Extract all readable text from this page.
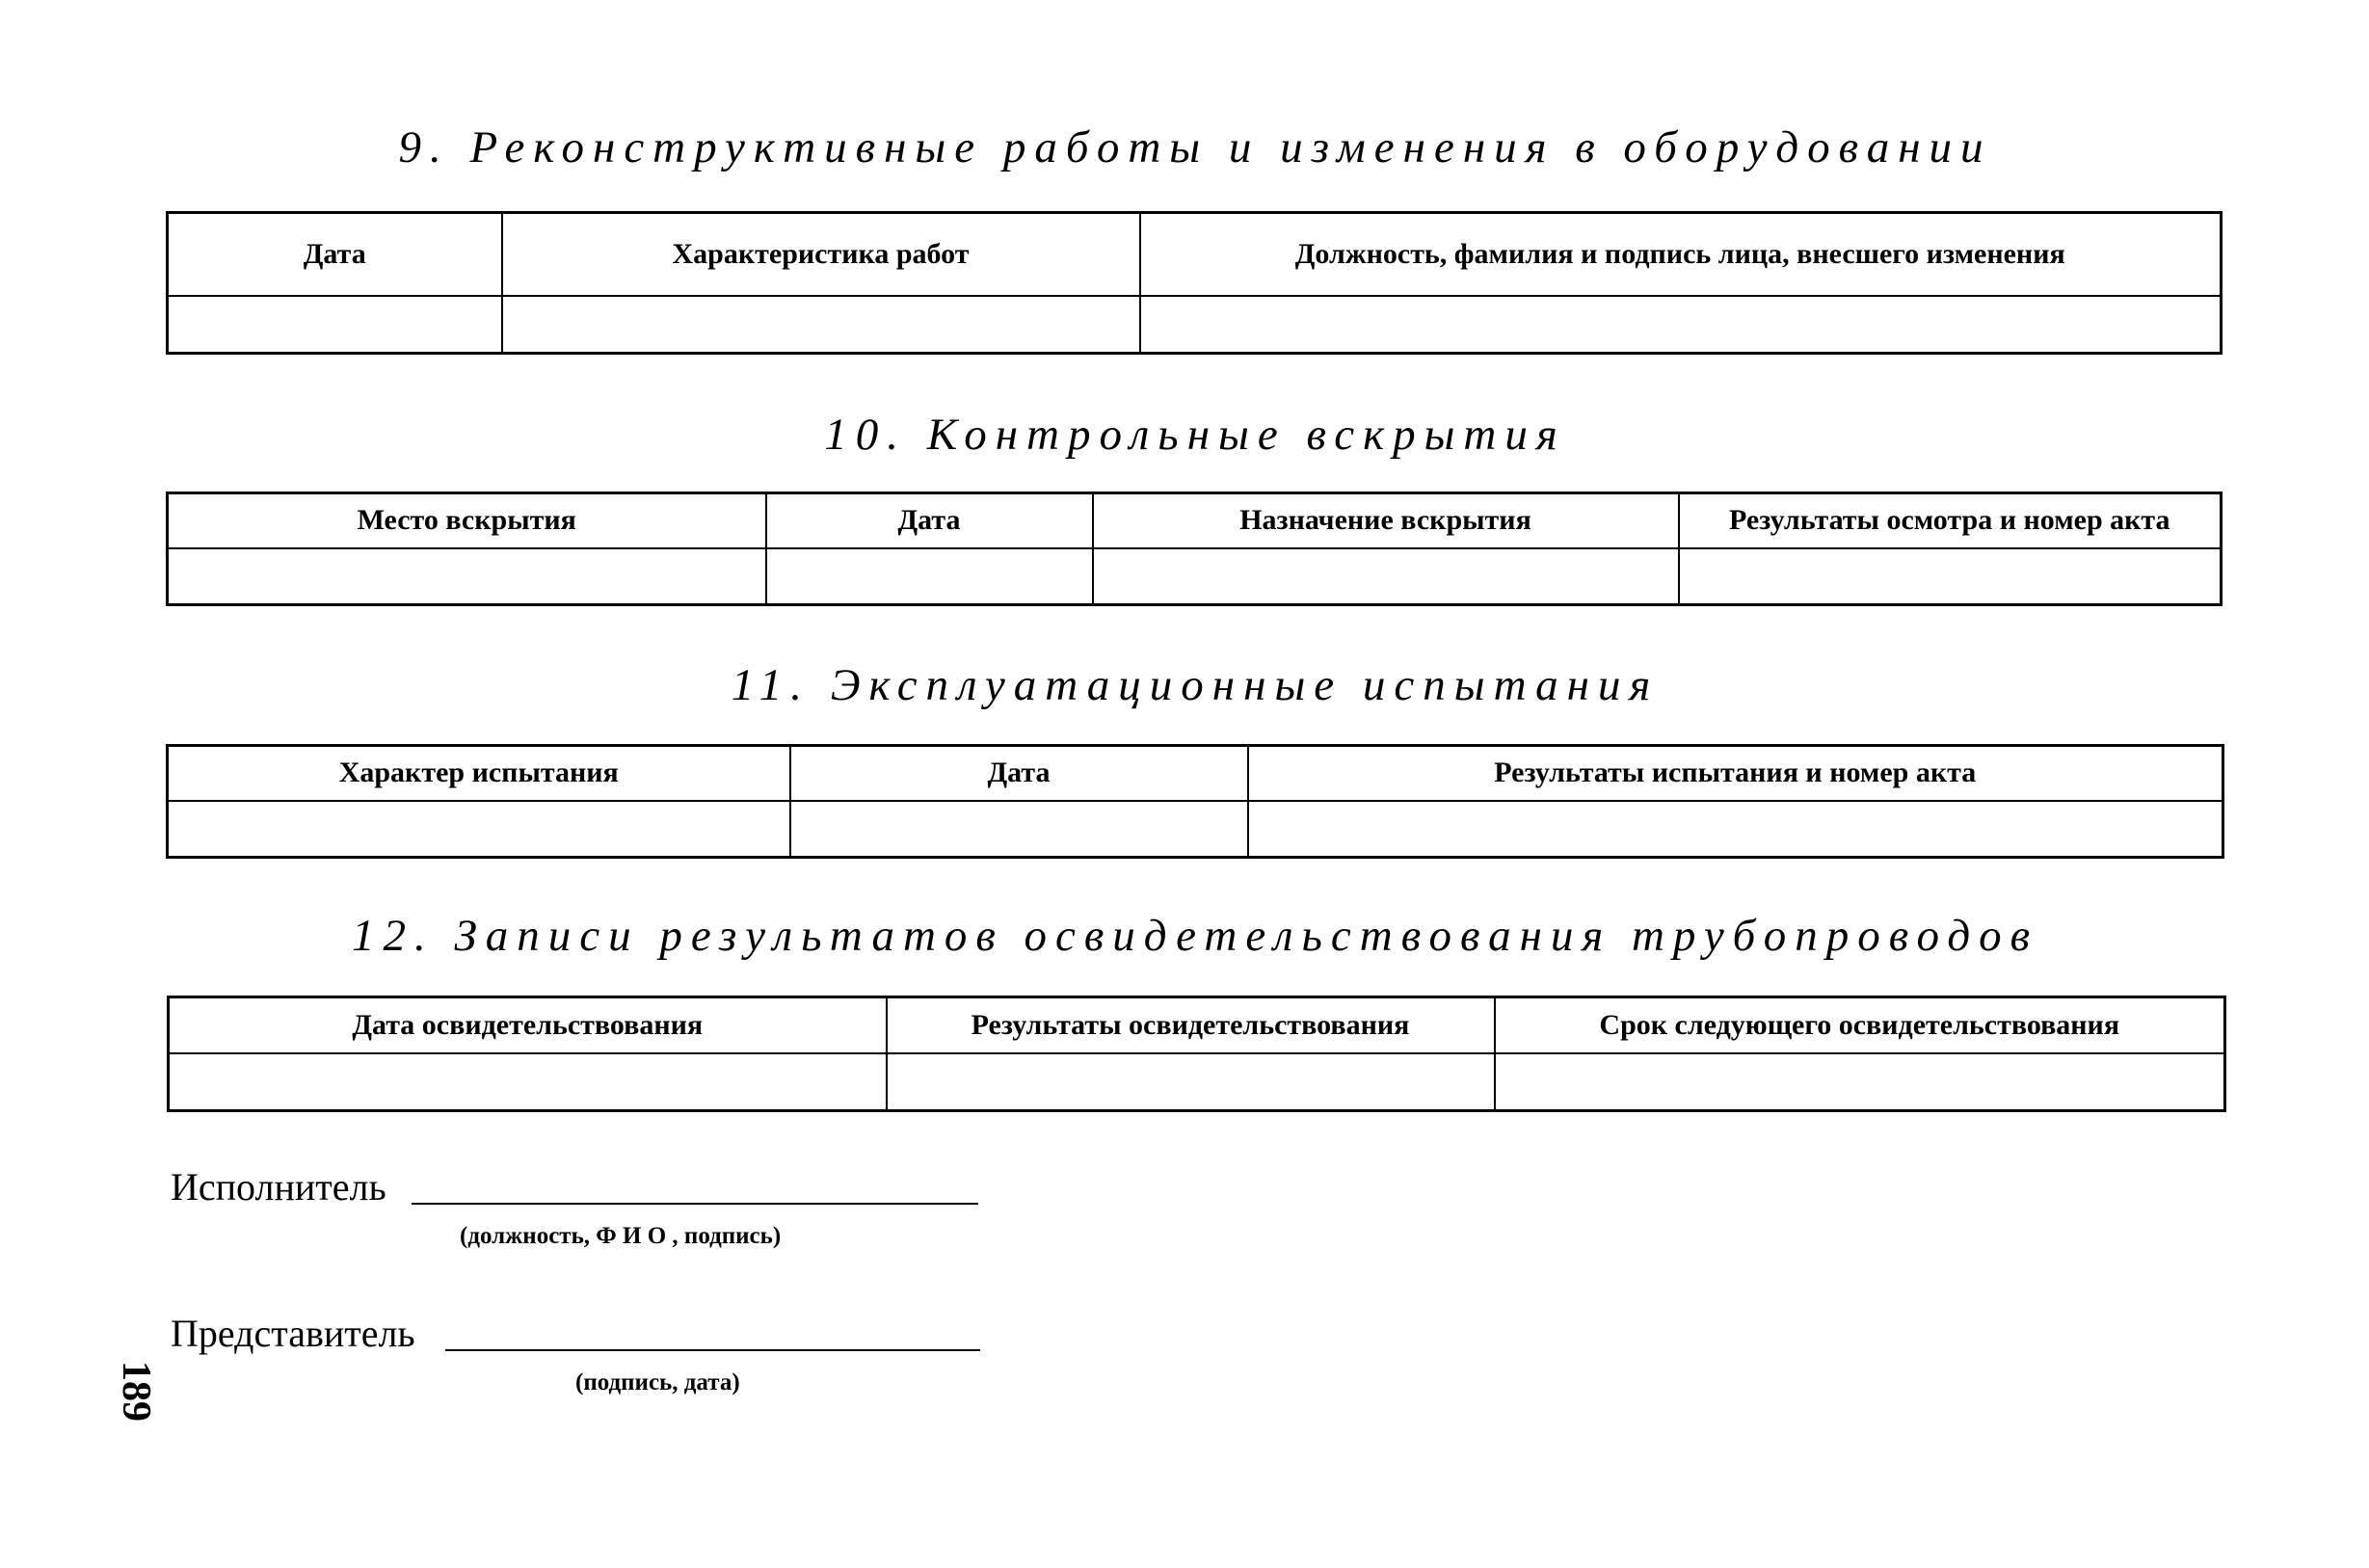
9. Реконструктивные работы и изменения в оборудовании
Дата	Характеристика работ	Должность, фамилия и подпись лица, внесшего изменения

10. Контрольные вскрытия
Место вскрытия	Дата	Назначение вскрытия	Результаты осмотра и номер акта

11. Эксплуатационные испытания
Характер испытания	Дата	Результаты испытания и номер акта

12. Записи результатов освидетельствования трубопроводов
Дата освидетельствования	Результаты освидетельствования	Срок следующего освидетельствования

Исполнитель
(должность, Ф И О , подпись)
Представитель
(подпись, дата)
189
